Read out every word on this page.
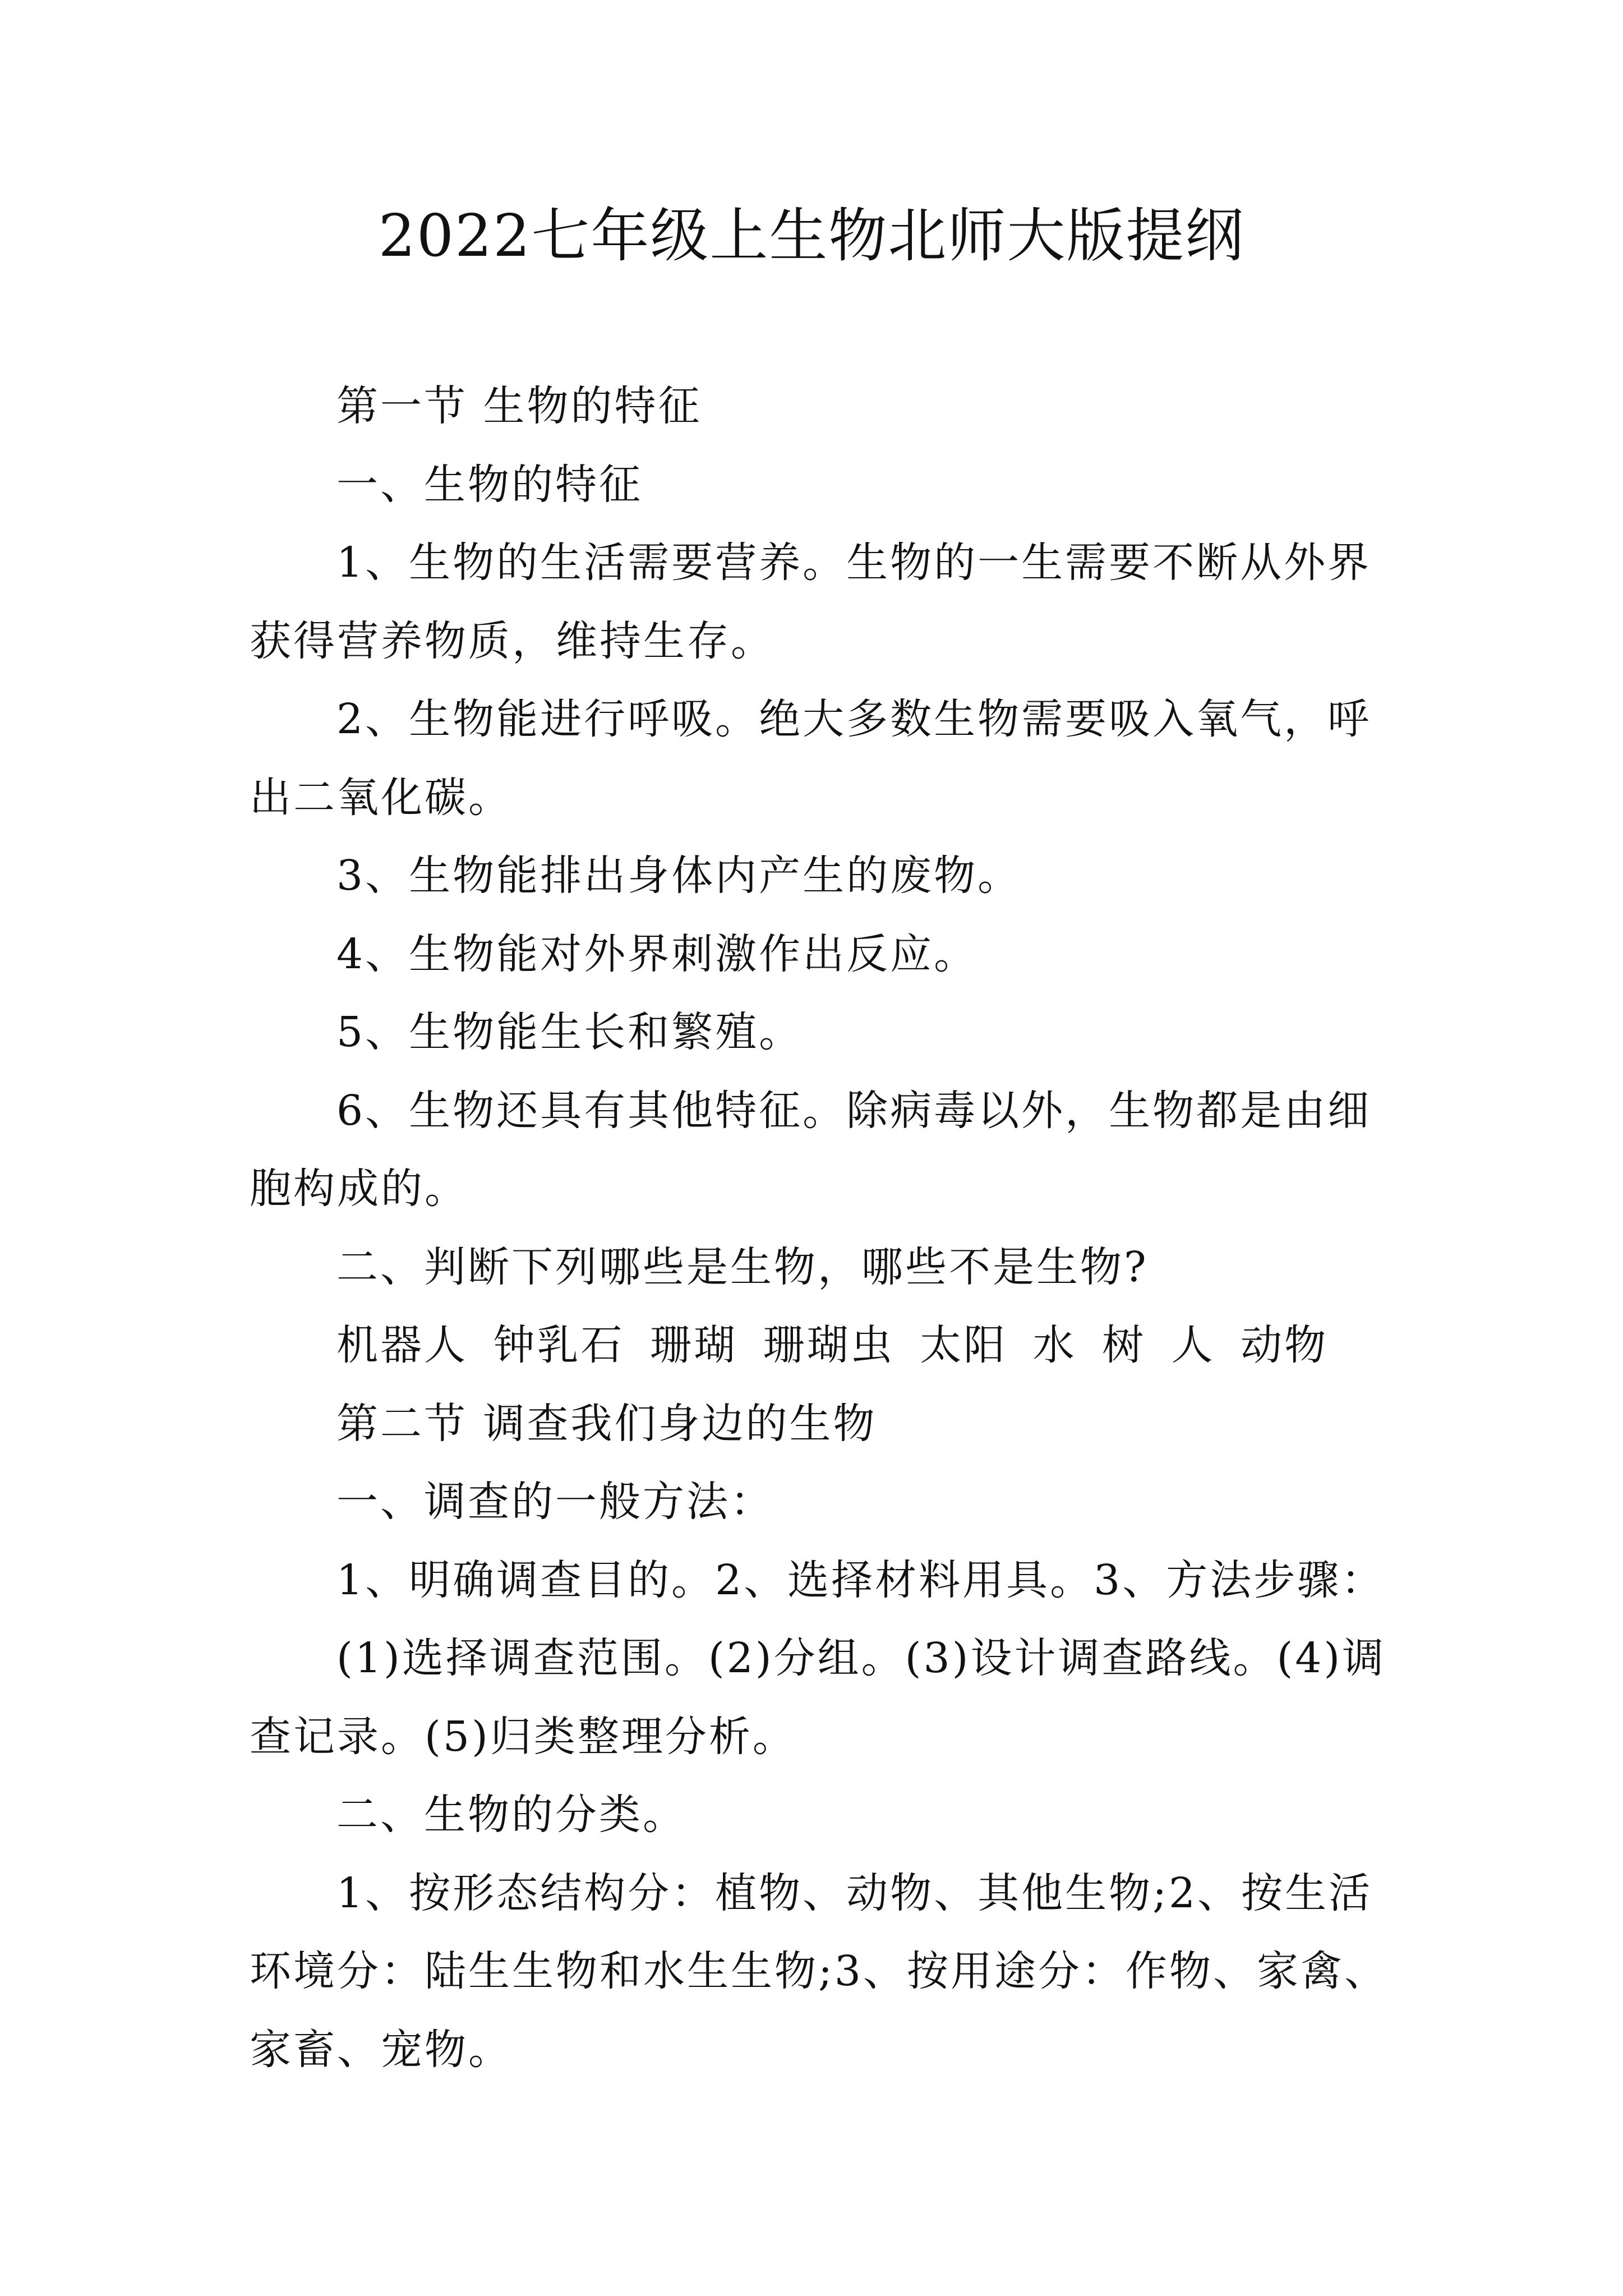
2022七年级上生物北师大版提纲
第一节 生物的特征
一、生物的特征
1、生物的生活需要营养。生物的一生需要不断从外界
获得营养物质，维持生存。
2、生物能进行呼吸。绝大多数生物需要吸入氧气，呼
出二氧化碳。
3、生物能排出身体内产生的废物。
4、生物能对外界刺激作出反应。
5、生物能生长和繁殖。
6、生物还具有其他特征。除病毒以外，生物都是由细
胞构成的。
二、判断下列哪些是生物，哪些不是生物?
机器人 钟乳石 珊瑚 珊瑚虫 太阳 水 树 人 动物
第二节 调查我们身边的生物
一、调查的一般方法：
1、明确调查目的。2、选择材料用具。3、方法步骤：
(1)选择调查范围。(2)分组。(3)设计调查路线。(4)调
查记录。(5)归类整理分析。
二、生物的分类。
1、按形态结构分：植物、动物、其他生物;2、按生活
环境分：陆生生物和水生生物;3、按用途分：作物、家禽、
家畜、宠物。
